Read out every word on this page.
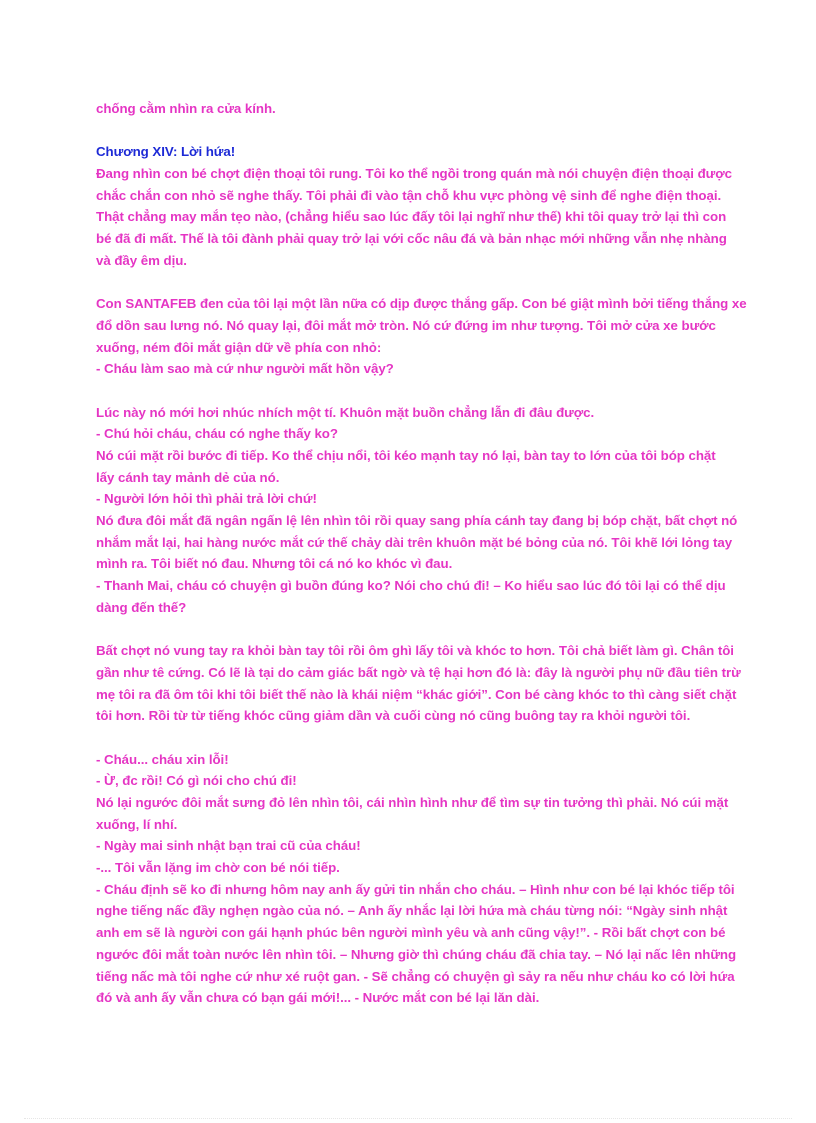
chống cằm nhìn ra cửa kính.
Chương XIV: Lời hứa!
Đang nhìn con bé chợt điện thoại tôi rung. Tôi ko thể ngồi trong quán mà nói chuyện điện thoại được
chắc chắn con nhỏ sẽ nghe thấy. Tôi phải đi vào tận chỗ khu vực phòng vệ sinh để nghe điện thoại.
Thật chẳng may mắn tẹo nào, (chẳng hiểu sao lúc đấy tôi lại nghĩ như thế) khi tôi quay trở lại thì con
bé đã đi mất. Thế là tôi đành phải quay trở lại với cốc nâu đá và bản nhạc mới những vẫn nhẹ nhàng
và đầy êm dịu.
Con SANTAFEB đen của tôi lại một lần nữa có dịp được thắng gấp. Con bé giật mình bởi tiếng thắng xe
đổ dồn sau lưng nó. Nó quay lại, đôi mắt mở tròn. Nó cứ đứng im như tượng. Tôi mở cửa xe bước
xuống, ném đôi mắt giận dữ về phía con nhỏ:
- Cháu làm sao mà cứ như người mất hồn vậy?
Lúc này nó mới hơi nhúc nhích một tí. Khuôn mặt buồn chẳng lẫn đi đâu được.
- Chú hỏi cháu, cháu có nghe thấy ko?
Nó cúi mặt rồi bước đi tiếp. Ko thể chịu nổi, tôi kéo mạnh tay nó lại, bàn tay to lớn của tôi bóp chặt
lấy cánh tay mảnh dẻ của nó.
- Người lớn hỏi thì phải trả lời chứ!
Nó đưa đôi mắt đã ngân ngấn lệ lên nhìn tôi rồi quay sang phía cánh tay đang bị bóp chặt, bất chợt nó
nhắm mắt lại, hai hàng nước mắt cứ thế chảy dài trên khuôn mặt bé bỏng của nó. Tôi khẽ lới lỏng tay
mình ra. Tôi biết nó đau. Nhưng tôi cá nó ko khóc vì đau.
- Thanh Mai, cháu có chuyện gì buồn đúng ko? Nói cho chú đi! – Ko hiểu sao lúc đó tôi lại có thể dịu
dàng đến thế?
Bất chợt nó vung tay ra khỏi bàn tay tôi rồi ôm ghì lấy tôi và khóc to hơn. Tôi chả biết làm gì. Chân tôi
gần như tê cứng. Có lẽ là tại do cảm giác bất ngờ và tệ hại hơn đó là: đây là người phụ nữ đầu tiên trừ
mẹ tôi ra đã ôm tôi khi tôi biết thế nào là khái niệm “khác giới”. Con bé càng khóc to thì càng siết chặt
tôi hơn. Rồi từ từ tiếng khóc cũng giảm dần và cuối cùng nó cũng buông tay ra khỏi người tôi.
- Cháu... cháu xin lỗi!
- Ừ, đc rồi! Có gì nói cho chú đi!
Nó lại ngước đôi mắt sưng đỏ lên nhìn tôi, cái nhìn hình như để tìm sự tin tưởng thì phải. Nó cúi mặt
xuống, lí nhí.
- Ngày mai sinh nhật bạn trai cũ của cháu!
-... Tôi vẫn lặng im chờ con bé nói tiếp.
- Cháu định sẽ ko đi nhưng hôm nay anh ấy gửi tin nhắn cho cháu. – Hình như con bé lại khóc tiếp tôi
nghe tiếng nấc đầy nghẹn ngào của nó. – Anh ấy nhắc lại lời hứa mà cháu từng nói: “Ngày sinh nhật
anh em sẽ là người con gái hạnh phúc bên người mình yêu và anh cũng vậy!”. - Rồi bất chợt con bé
ngước đôi mắt toàn nước lên nhìn tôi. – Nhưng giờ thì chúng cháu đã chia tay. – Nó lại nấc lên những
tiếng nấc mà tôi nghe cứ như xé ruột gan. - Sẽ chẳng có chuyện gì sảy ra nếu như cháu ko có lời hứa
đó và anh ấy vẫn chưa có bạn gái mới!... - Nước mắt con bé lại lăn dài.
